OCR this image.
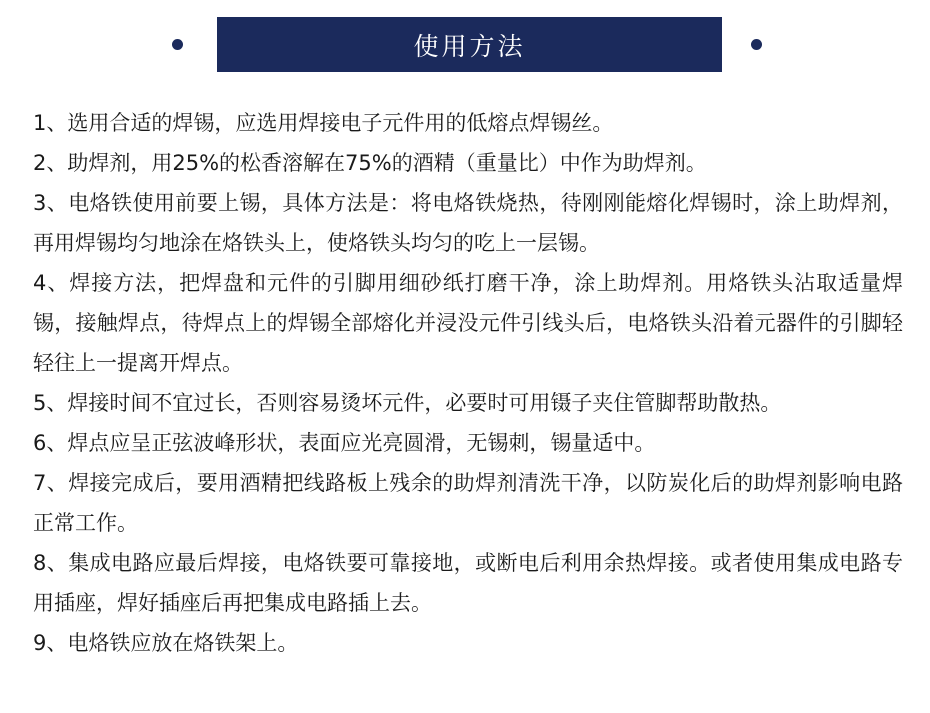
使用方法

1、选用合适的焊锡，应选用焊接电子元件用的低熔点焊锡丝。

2、助焊剂，用25%的松香溶解在75%的酒精（重量比）中作为助焊剂。

3、电烙铁使用前要上锡，具体方法是：将电烙铁烧热，待刚刚能熔化焊锡时，涂上助焊剂，再用焊锡均匀地涂在烙铁头上，使烙铁头均匀的吃上一层锡。

4、焊接方法，把焊盘和元件的引脚用细砂纸打磨干净，涂上助焊剂。用烙铁头沾取适量焊锡，接触焊点，待焊点上的焊锡全部熔化并浸没元件引线头后，电烙铁头沿着元器件的引脚轻轻往上一提离开焊点。

5、焊接时间不宜过长，否则容易烫坏元件，必要时可用镊子夹住管脚帮助散热。

6、焊点应呈正弦波峰形状，表面应光亮圆滑，无锡刺，锡量适中。

7、焊接完成后，要用酒精把线路板上残余的助焊剂清洗干净，以防炭化后的助焊剂影响电路正常工作。

8、集成电路应最后焊接，电烙铁要可靠接地，或断电后利用余热焊接。或者使用集成电路专用插座，焊好插座后再把集成电路插上去。

9、电烙铁应放在烙铁架上。
